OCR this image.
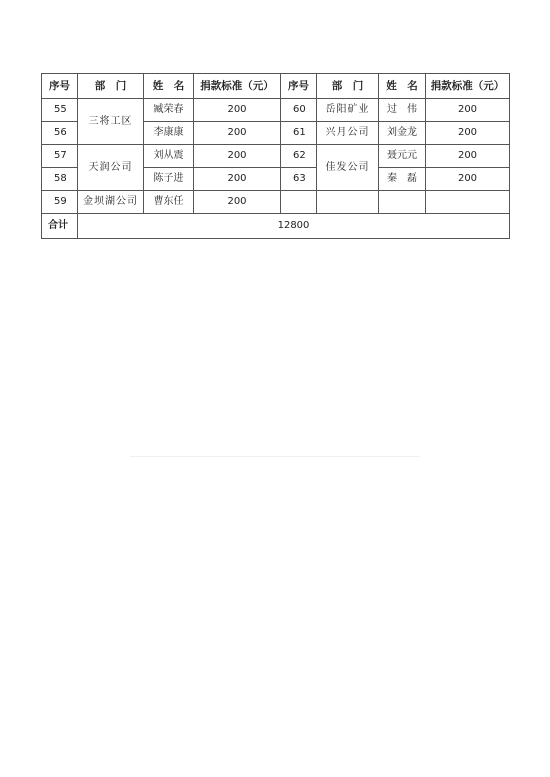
序号	部　门	姓　名	捐款标准（元）	序号	部　门	姓　名	捐款标准（元）
55	三将工区	臧荣春	200	60	岳阳矿业	过　伟	200
56		李康康	200	61	兴月公司	刘金龙	200
57	天润公司	刘从震	200	62	佳发公司	聂元元	200
58		陈子进	200	63		秦　磊	200
59	金坝湖公司	曹东任	200				
合计	12800						
